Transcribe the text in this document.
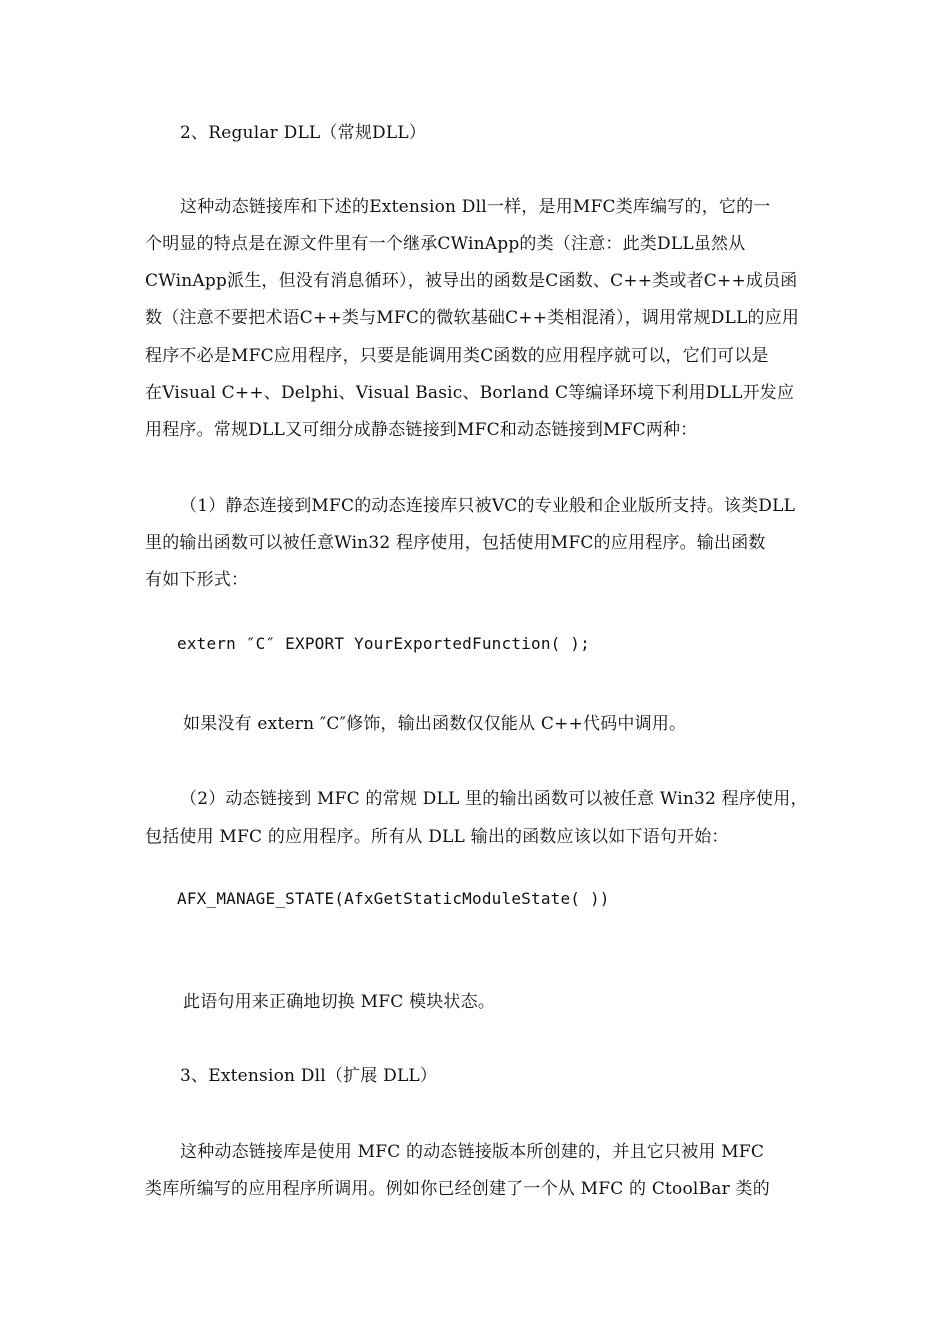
2、Regular DLL（常规DLL）
这种动态链接库和下述的Extension Dll一样，是用MFC类库编写的，它的一
个明显的特点是在源文件里有一个继承CWinApp的类（注意：此类DLL虽然从
CWinApp派生，但没有消息循环），被导出的函数是C函数、C++类或者C++成员函
数（注意不要把术语C++类与MFC的微软基础C++类相混淆），调用常规DLL的应用
程序不必是MFC应用程序，只要是能调用类C函数的应用程序就可以，它们可以是
在Visual C++、Delphi、Visual Basic、Borland C等编译环境下利用DLL开发应
用程序。常规DLL又可细分成静态链接到MFC和动态链接到MFC两种：
（1）静态连接到MFC的动态连接库只被VC的专业般和企业版所支持。该类DLL
里的输出函数可以被任意Win32 程序使用，包括使用MFC的应用程序。输出函数
有如下形式：
extern ″C″ EXPORT YourExportedFunction( );
如果没有 extern ″C″修饰，输出函数仅仅能从 C++代码中调用。
（2）动态链接到 MFC 的常规 DLL 里的输出函数可以被任意 Win32 程序使用，
包括使用 MFC 的应用程序。所有从 DLL 输出的函数应该以如下语句开始：
AFX_MANAGE_STATE(AfxGetStaticModuleState( ))
此语句用来正确地切换 MFC 模块状态。
3、Extension Dll（扩展 DLL）
这种动态链接库是使用 MFC 的动态链接版本所创建的，并且它只被用 MFC
类库所编写的应用程序所调用。例如你已经创建了一个从 MFC 的 CtoolBar 类的
